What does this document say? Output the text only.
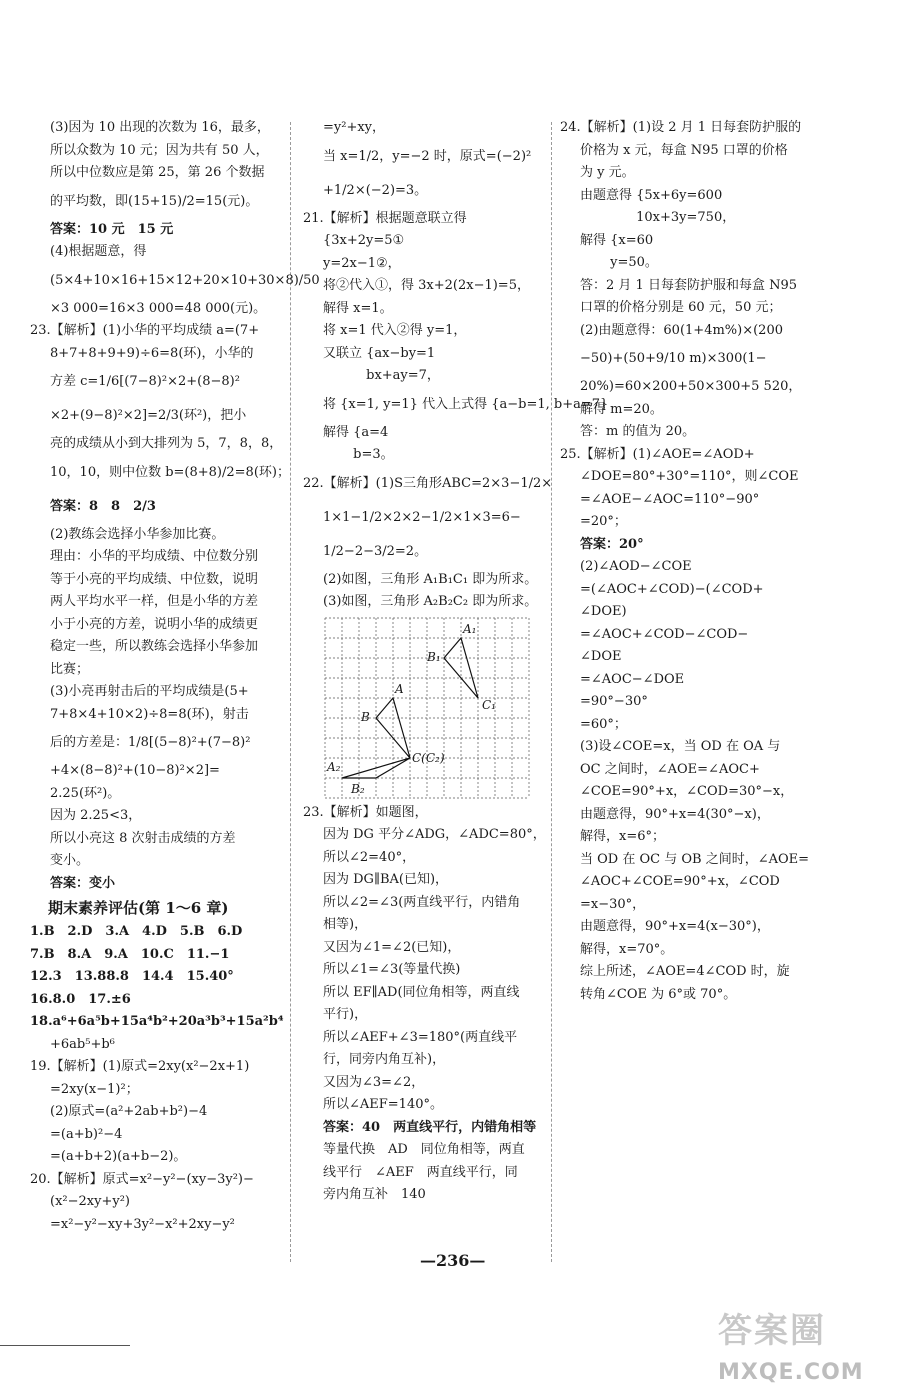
(3)因为 10 出现的次数为 16，最多，
所以众数为 10 元；因为共有 50 人，
所以中位数应是第 25，第 26 个数据
的平均数，即(15+15)/2=15(元)。
答案：10 元　15 元
(4)根据题意，得
(5×4+10×16+15×12+20×10+30×8)/50
×3 000=16×3 000=48 000(元)。
23.【解析】(1)小华的平均成绩 a=(7+
8+7+8+9+9)÷6=8(环)，小华的
方差 c=1/6[(7−8)²×2+(8−8)²
×2+(9−8)²×2]=2/3(环²)，把小
亮的成绩从小到大排列为 5，7，8，8，
10，10，则中位数 b=(8+8)/2=8(环)；
答案：8　8　2/3
(2)教练会选择小华参加比赛。
理由：小华的平均成绩、中位数分别
等于小亮的平均成绩、中位数，说明
两人平均水平一样，但是小华的方差
小于小亮的方差，说明小华的成绩更
稳定一些，所以教练会选择小华参加
比赛；
(3)小亮再射击后的平均成绩是(5+
7+8×4+10×2)÷8=8(环)，射击
后的方差是：1/8[(5−8)²+(7−8)²
+4×(8−8)²+(10−8)²×2]=
2.25(环²)。
因为 2.25<3，
所以小亮这 8 次射击成绩的方差
变小。
答案：变小
期末素养评估(第 1～6 章)
1.B　2.D　3.A　4.D　5.B　6.D
7.B　8.A　9.A　10.C　11.−1
12.3　13.88.8　14.4　15.40°
16.8.0　17.±6
18.a⁶+6a⁵b+15a⁴b²+20a³b³+15a²b⁴
+6ab⁵+b⁶
19.【解析】(1)原式=2xy(x²−2x+1)
=2xy(x−1)²；
(2)原式=(a²+2ab+b²)−4
=(a+b)²−4
=(a+b+2)(a+b−2)。
20.【解析】原式=x²−y²−(xy−3y²)−
(x²−2xy+y²)
=x²−y²−xy+3y²−x²+2xy−y²
=y²+xy，
当 x=1/2，y=−2 时，原式=(−2)²
+1/2×(−2)=3。
21.【解析】根据题意联立得
{3x+2y=5①
y=2x−1②，
将②代入①，得 3x+2(2x−1)=5，
解得 x=1。
将 x=1 代入②得 y=1，
又联立 {ax−by=1
　　　 bx+ay=7，
将 {x=1, y=1} 代入上式得 {a−b=1, b+a=7}
解得 {a=4
　　 b=3。
22.【解析】(1)S三角形ABC=2×3−1/2×
1×1−1/2×2×2−1/2×1×3=6−
1/2−2−3/2=2。
(2)如图，三角形 A₁B₁C₁ 即为所求。
(3)如图，三角形 A₂B₂C₂ 即为所求。
A₁
B₁
C₁
A
B
C(C₂)
A₂
B₂
23.【解析】如题图，
因为 DG 平分∠ADG，∠ADC=80°，
所以∠2=40°，
因为 DG∥BA(已知)，
所以∠2=∠3(两直线平行，内错角
相等)，
又因为∠1=∠2(已知)，
所以∠1=∠3(等量代换)
所以 EF∥AD(同位角相等，两直线
平行)，
所以∠AEF+∠3=180°(两直线平
行，同旁内角互补)，
又因为∠3=∠2，
所以∠AEF=140°。
答案：40　两直线平行，内错角相等
等量代换　AD　同位角相等，两直
线平行　∠AEF　两直线平行，同
旁内角互补　140
24.【解析】(1)设 2 月 1 日每套防护服的
价格为 x 元，每盒 N95 口罩的价格
为 y 元。
由题意得 {5x+6y=600
　　　　 10x+3y=750，
解得 {x=60
　　 y=50。
答：2 月 1 日每套防护服和每盒 N95
口罩的价格分别是 60 元，50 元；
(2)由题意得：60(1+4m%)×(200
−50)+(50+9/10 m)×300(1−
20%)=60×200+50×300+5 520，
解得 m=20。
答：m 的值为 20。
25.【解析】(1)∠AOE=∠AOD+
∠DOE=80°+30°=110°，则∠COE
=∠AOE−∠AOC=110°−90°
=20°；
答案：20°
(2)∠AOD−∠COE
=(∠AOC+∠COD)−(∠COD+
∠DOE)
=∠AOC+∠COD−∠COD−
∠DOE
=∠AOC−∠DOE
=90°−30°
=60°；
(3)设∠COE=x，当 OD 在 OA 与
OC 之间时，∠AOE=∠AOC+
∠COE=90°+x，∠COD=30°−x，
由题意得，90°+x=4(30°−x)，
解得，x=6°；
当 OD 在 OC 与 OB 之间时，∠AOE=
∠AOC+∠COE=90°+x，∠COD
=x−30°，
由题意得，90°+x=4(x−30°)，
解得，x=70°。
综上所述，∠AOE=4∠COD 时，旋
转角∠COE 为 6°或 70°。
—236—
答案圈
MXQE.COM
